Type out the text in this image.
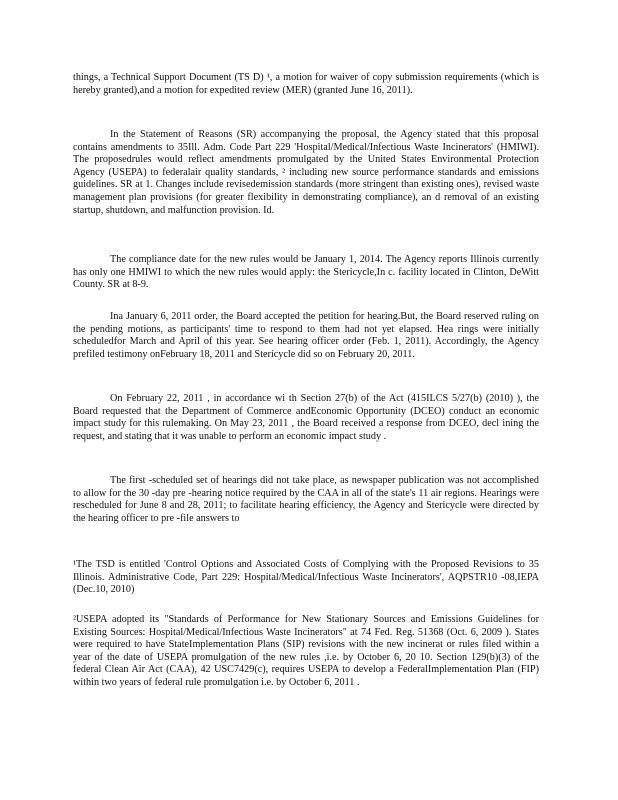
things, a Technical Support Document (TS D) ¹, a motion for waiver of copy submission requirements (which is hereby granted),and a motion for expedited review (MER) (granted June 16, 2011).

In the Statement of Reasons (SR) accompanying the proposal, the Agency stated that this proposal contains amendments to 35Ill. Adm. Code Part 229 'Hospital/Medical/Infectious Waste Incinerators' (HMIWI). The proposedrules would reflect amendments promulgated by the United States Environmental Protection Agency (USEPA) to federalair quality standards, ² including new source performance standards and emissions guidelines. SR at 1. Changes include revisedemission standards (more stringent than existing ones), revised waste management plan provisions (for greater flexibility in demonstrating compliance), an d removal of an existing startup, shutdown, and malfunction provision. Id.

The compliance date for the new rules would be January 1, 2014. The Agency reports Illinois currently has only one HMIWI to which the new rules would apply: the Stericycle,In c. facility located in Clinton, DeWitt County. SR at 8-9.

Ina January 6, 2011 order, the Board accepted the petition for hearing.But, the Board reserved ruling on the pending motions, as participants' time to respond to them had not yet elapsed. Hea rings were initially scheduledfor March and April of this year. See hearing officer order (Feb. 1, 2011). Accordingly, the Agency prefiled testimony onFebruary 18, 2011 and Stericycle did so on February 20, 2011.

On February 22, 2011 , in accordance wi th Section 27(b) of the Act (415ILCS 5/27(b) (2010) ), the Board requested that the Department of Commerce andEconomic Opportunity (DCEO) conduct an economic impact study for this rulemaking. On May 23, 2011 , the Board received a response from DCEO, decl ining the request, and stating that it was unable to perform an economic impact study .

The first -scheduled set of hearings did not take place, as newspaper publication was not accomplished to allow for the 30 -day pre -hearing notice required by the CAA in all of the state's 11 air regions. Hearings were rescheduled for June 8 and 28, 2011; to facilitate hearing efficiency, the Agency and Stericycle were directed by the hearing officer to pre -file answers to

¹The TSD is entitled 'Control Options and Associated Costs of Complying with the Proposed Revisions to 35 Illinois. Administrative Code, Part 229: Hospital/Medical/Infectious Waste Incinerators', AQPSTR10 -08,IEPA (Dec.10, 2010)

²USEPA adopted its "Standards of Performance for New Stationary Sources and Emissions Guidelines for Existing Sources: Hospital/Medical/Infectious Waste Incinerators" at 74 Fed. Reg. 51368 (Oct. 6, 2009 ). States were required to have StateImplementation Plans (SIP) revisions with the new incinerat or rules filed within a year of the date of USEPA promulgation of the new rules ,i.e. by October 6, 20 10. Section 129(b)(3) of the federal Clean Air Act (CAA), 42 USC7429(c), requires USEPA to develop a FederalImplementation Plan (FIP) within two years of federal rule promulgation i.e. by October 6, 2011 .
